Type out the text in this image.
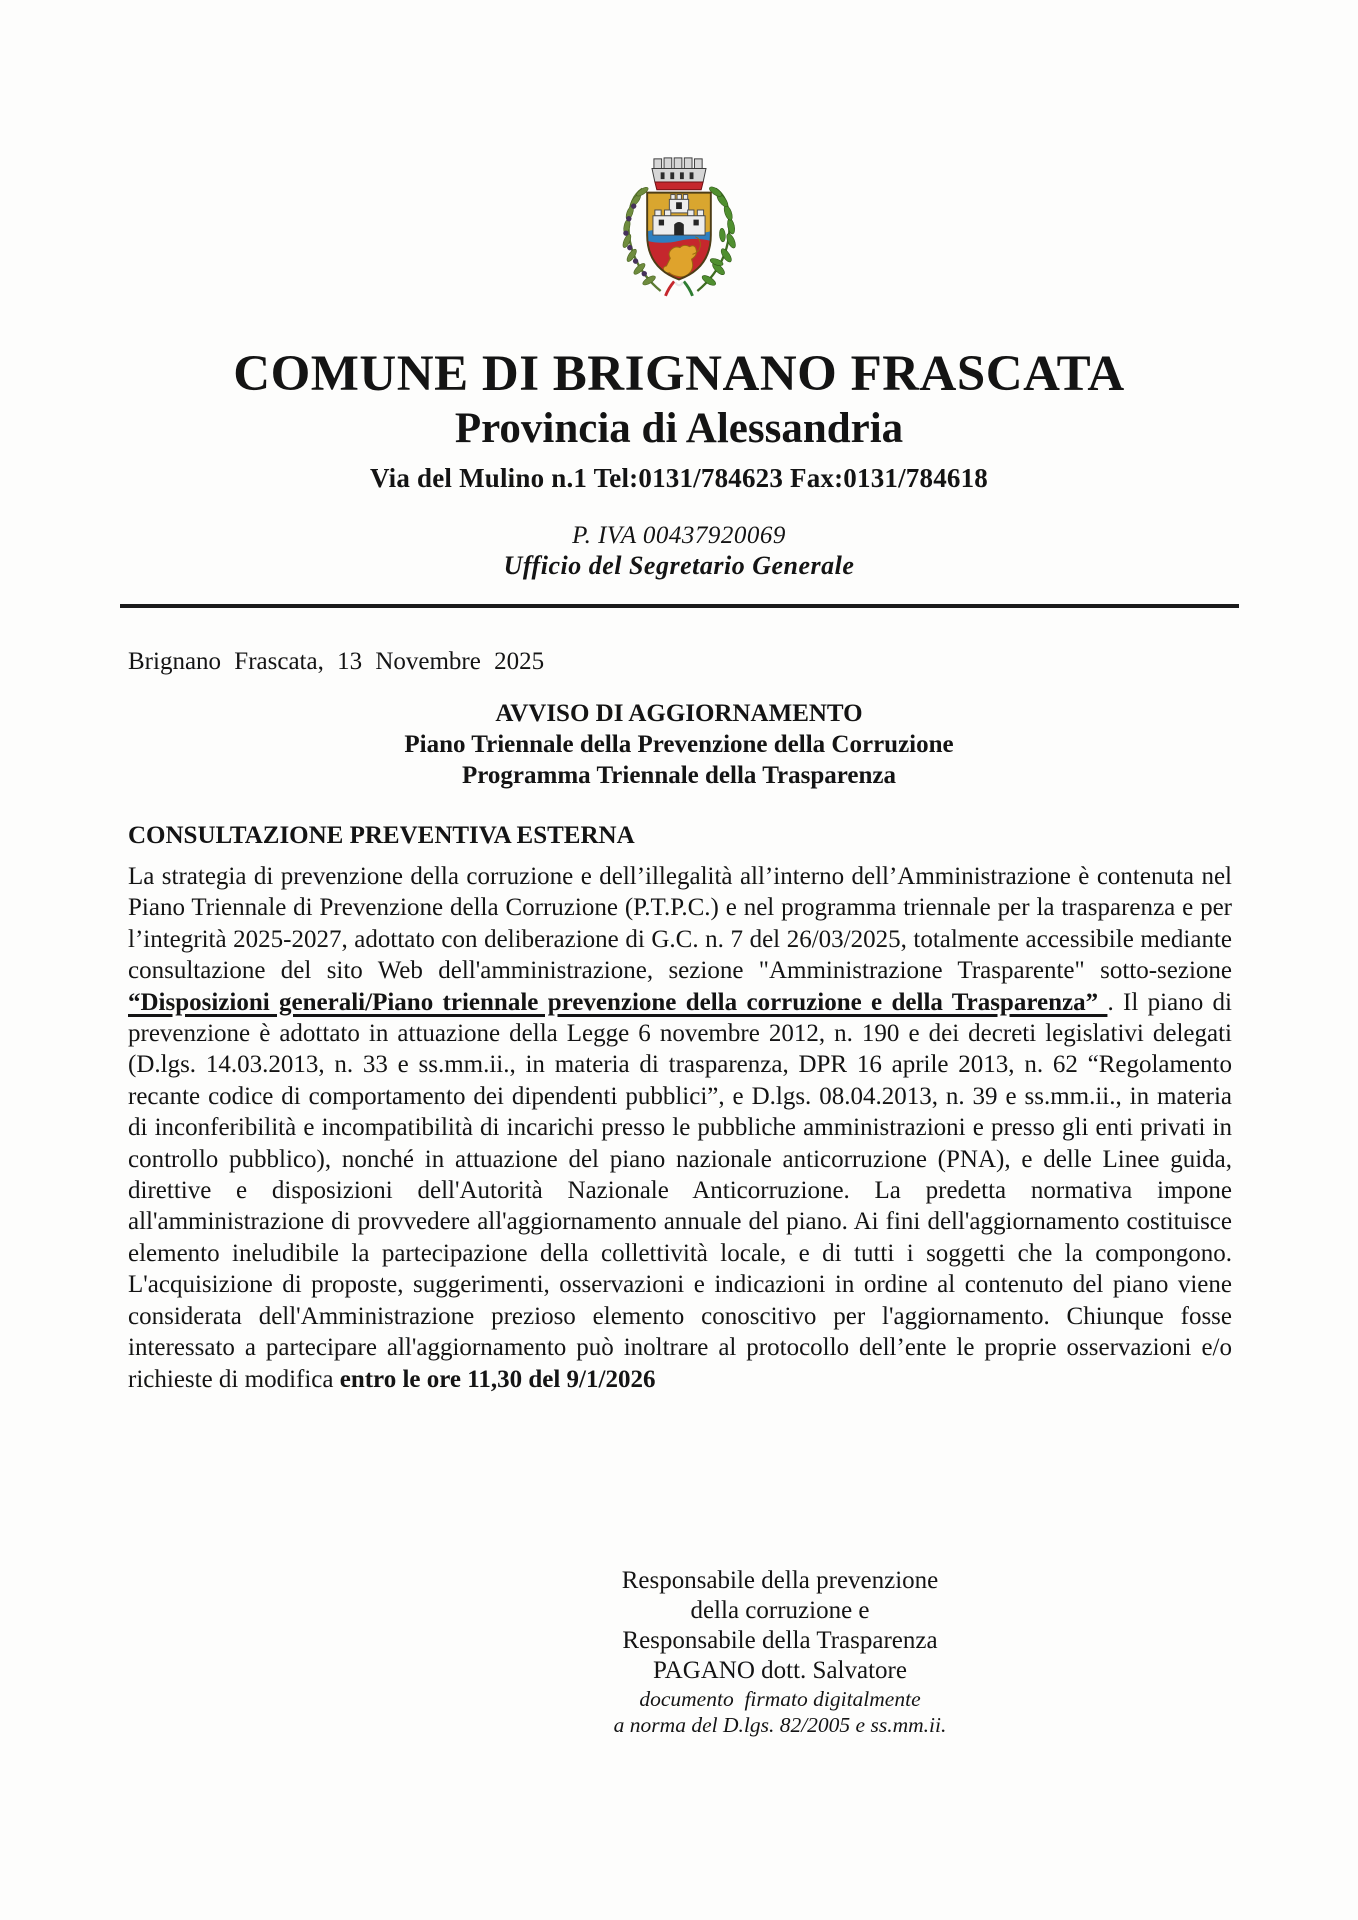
COMUNE DI BRIGNANO FRASCATA
Provincia di Alessandria
Via del Mulino n.1 Tel:0131/784623 Fax:0131/784618
P. IVA 00437920069
Ufficio del Segretario Generale
Brignano Frascata, 13 Novembre 2025
AVVISO DI AGGIORNAMENTO
Piano Triennale della Prevenzione della Corruzione
Programma Triennale della Trasparenza
CONSULTAZIONE PREVENTIVA ESTERNA
La strategia di prevenzione della corruzione e dell’illegalità all’interno dell’Amministrazione è contenuta nel Piano Triennale di Prevenzione della Corruzione (P.T.P.C.) e nel programma triennale per la trasparenza e per l’integrità 2025-2027, adottato con deliberazione di G.C. n. 7 del 26/03/2025, totalmente accessibile mediante consultazione del sito Web dell'amministrazione, sezione "Amministrazione Trasparente" sotto-sezione “Disposizioni generali/Piano triennale prevenzione della corruzione e della Trasparenza” . Il piano di prevenzione è adottato in attuazione della Legge 6 novembre 2012, n. 190 e dei decreti legislativi delegati (D.lgs. 14.03.2013, n. 33 e ss.mm.ii., in materia di trasparenza, DPR 16 aprile 2013, n. 62 “Regolamento recante codice di comportamento dei dipendenti pubblici”, e D.lgs. 08.04.2013, n. 39 e ss.mm.ii., in materia di inconferibilità e incompatibilità di incarichi presso le pubbliche amministrazioni e presso gli enti privati in controllo pubblico), nonché in attuazione del piano nazionale anticorruzione (PNA), e delle Linee guida, direttive e disposizioni dell'Autorità Nazionale Anticorruzione. La predetta normativa impone all'amministrazione di provvedere all'aggiornamento annuale del piano. Ai fini dell'aggiornamento costituisce elemento ineludibile la partecipazione della collettività locale, e di tutti i soggetti che la compongono. L'acquisizione di proposte, suggerimenti, osservazioni e indicazioni in ordine al contenuto del piano viene considerata dell'Amministrazione prezioso elemento conoscitivo per l'aggiornamento. Chiunque fosse interessato a partecipare all'aggiornamento può inoltrare al protocollo dell’ente le proprie osservazioni e/o richieste di modifica entro le ore 11,30 del 9/1/2026
Responsabile della prevenzione
della corruzione e
Responsabile della Trasparenza
PAGANO dott. Salvatore
documento  firmato digitalmente
a norma del D.lgs. 82/2005 e ss.mm.ii.
